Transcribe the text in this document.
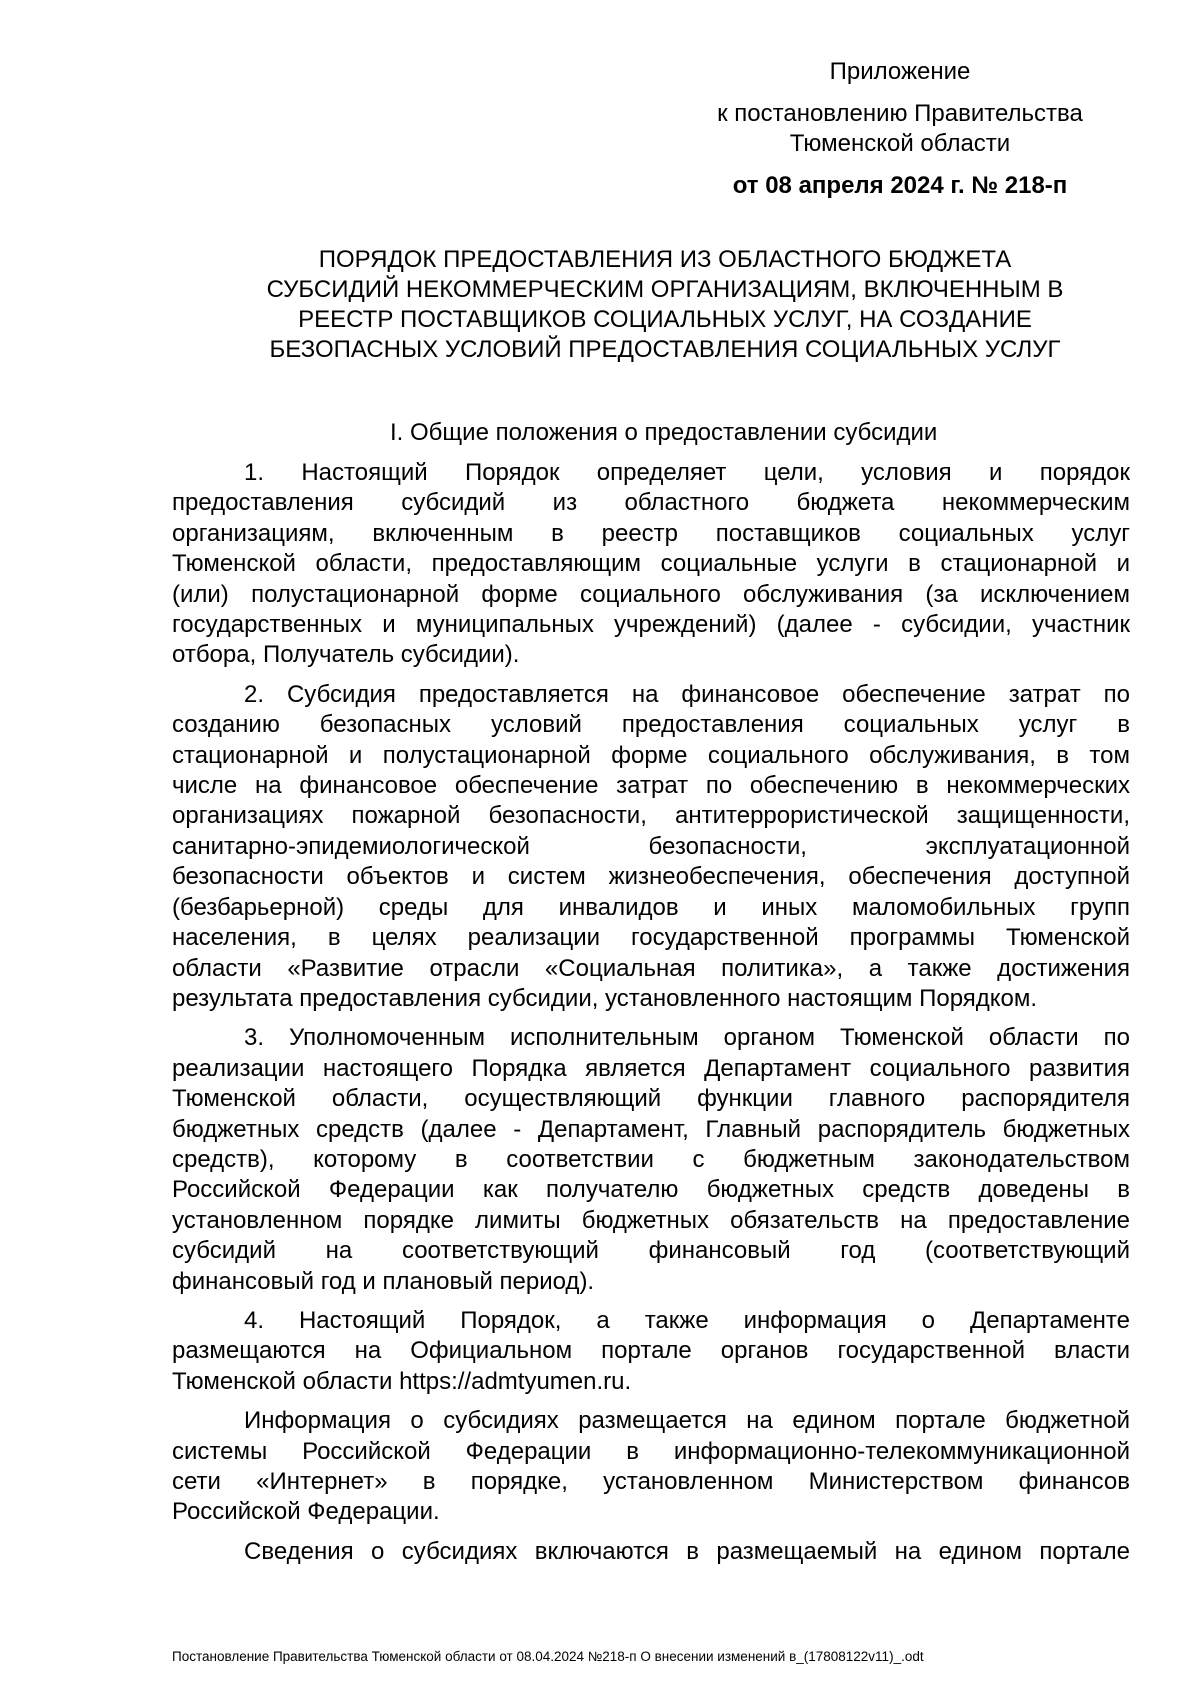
Приложение
к постановлению Правительства
Тюменской области
от 08 апреля 2024 г. № 218-п
ПОРЯДОК ПРЕДОСТАВЛЕНИЯ ИЗ ОБЛАСТНОГО БЮДЖЕТА
СУБСИДИЙ НЕКОММЕРЧЕСКИМ ОРГАНИЗАЦИЯМ, ВКЛЮЧЕННЫМ В
РЕЕСТР ПОСТАВЩИКОВ СОЦИАЛЬНЫХ УСЛУГ, НА СОЗДАНИЕ
БЕЗОПАСНЫХ УСЛОВИЙ ПРЕДОСТАВЛЕНИЯ СОЦИАЛЬНЫХ УСЛУГ
I. Общие положения о предоставлении субсидии
1. Настоящий Порядок определяет цели, условия и порядок
предоставления субсидий из областного бюджета некоммерческим
организациям, включенным в реестр поставщиков социальных услуг
Тюменской области, предоставляющим социальные услуги в стационарной и
(или) полустационарной форме социального обслуживания (за исключением
государственных и муниципальных учреждений) (далее - субсидии, участник
отбора, Получатель субсидии).
2. Субсидия предоставляется на финансовое обеспечение затрат по
созданию безопасных условий предоставления социальных услуг в
стационарной и полустационарной форме социального обслуживания, в том
числе на финансовое обеспечение затрат по обеспечению в некоммерческих
организациях пожарной безопасности, антитеррористической защищенности,
санитарно-эпидемиологической безопасности, эксплуатационной
безопасности объектов и систем жизнеобеспечения, обеспечения доступной
(безбарьерной) среды для инвалидов и иных маломобильных групп
населения, в целях реализации государственной программы Тюменской
области «Развитие отрасли «Социальная политика», а также достижения
результата предоставления субсидии, установленного настоящим Порядком.
3. Уполномоченным исполнительным органом Тюменской области по
реализации настоящего Порядка является Департамент социального развития
Тюменской области, осуществляющий функции главного распорядителя
бюджетных средств (далее - Департамент, Главный распорядитель бюджетных
средств), которому в соответствии с бюджетным законодательством
Российской Федерации как получателю бюджетных средств доведены в
установленном порядке лимиты бюджетных обязательств на предоставление
субсидий на соответствующий финансовый год (соответствующий
финансовый год и плановый период).
4. Настоящий Порядок, а также информация о Департаменте
размещаются на Официальном портале органов государственной власти
Тюменской области https://admtyumen.ru.
Информация о субсидиях размещается на едином портале бюджетной
системы Российской Федерации в информационно-телекоммуникационной
сети «Интернет» в порядке, установленном Министерством финансов
Российской Федерации.
Сведения о субсидиях включаются в размещаемый на едином портале
Постановление Правительства Тюменской области от 08.04.2024 №218-п О внесении изменений в_(17808122v11)_.odt
